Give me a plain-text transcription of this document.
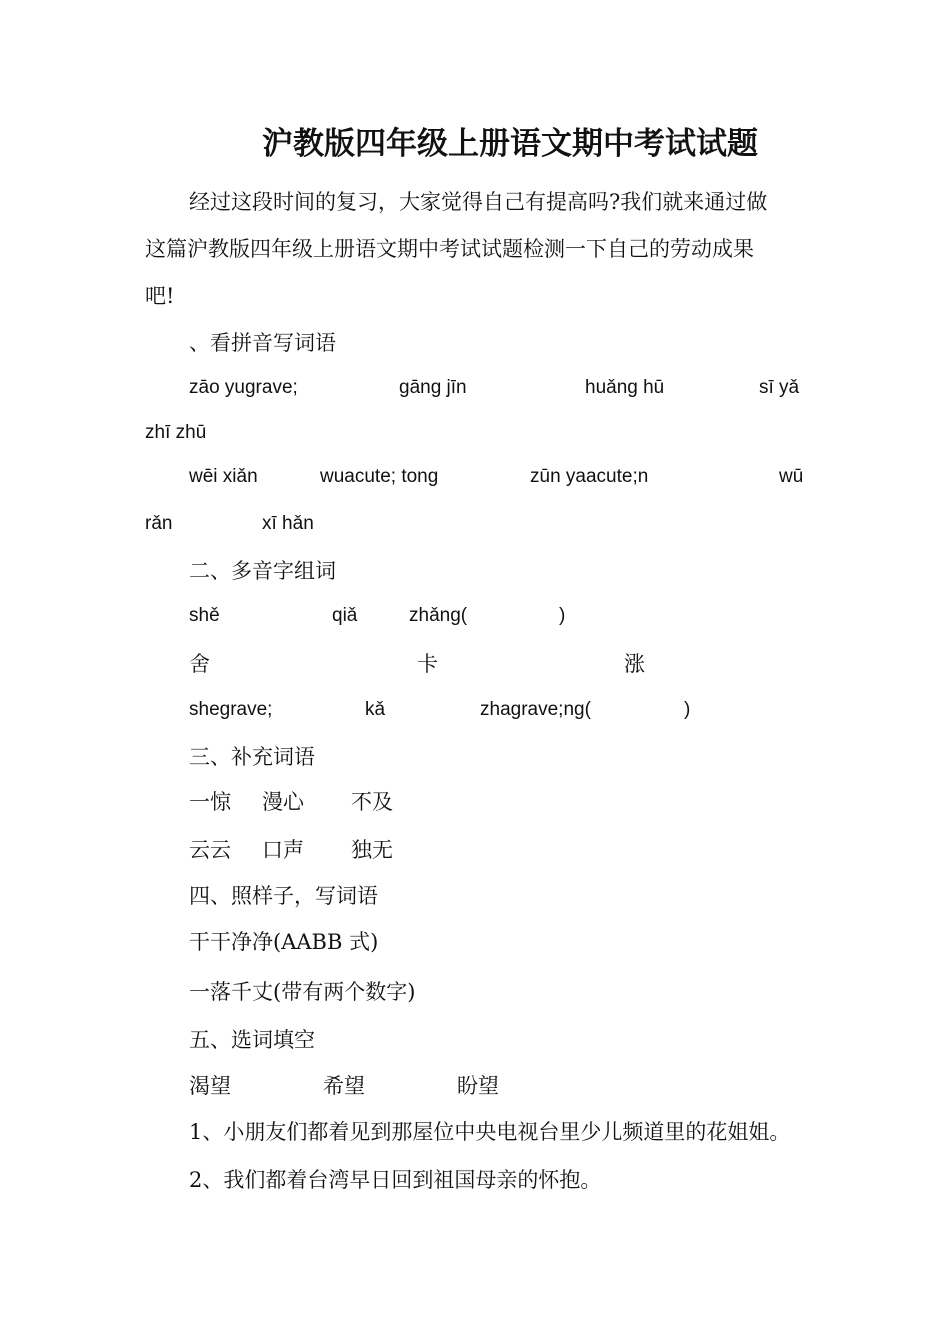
沪教版四年级上册语文期中考试试题
经过这段时间的复习，大家觉得自己有提高吗?我们就来通过做
这篇沪教版四年级上册语文期中考试试题检测一下自己的劳动成果
吧!
、看拼音写词语
zāo yugrave;	gāng jīn	huǎng hū	sī yǎ
zhī zhū
wēi xiǎn	wuacute; tong	zūn yaacute;n	wū
rǎn	xī hǎn
二、多音字组词
shě	qiǎ	zhǎng(	)
舍	卡	涨
shegrave;	kǎ	zhagrave;ng(	)
三、补充词语
一惊 漫心 不及
云云 口声 独无
四、照样子，写词语
干干净净(AABB 式)
一落千丈(带有两个数字)
五、选词填空
渴望	希望	盼望
1、小朋友们都着见到那屋位中央电视台里少儿频道里的花姐姐。
2、我们都着台湾早日回到祖国母亲的怀抱。
